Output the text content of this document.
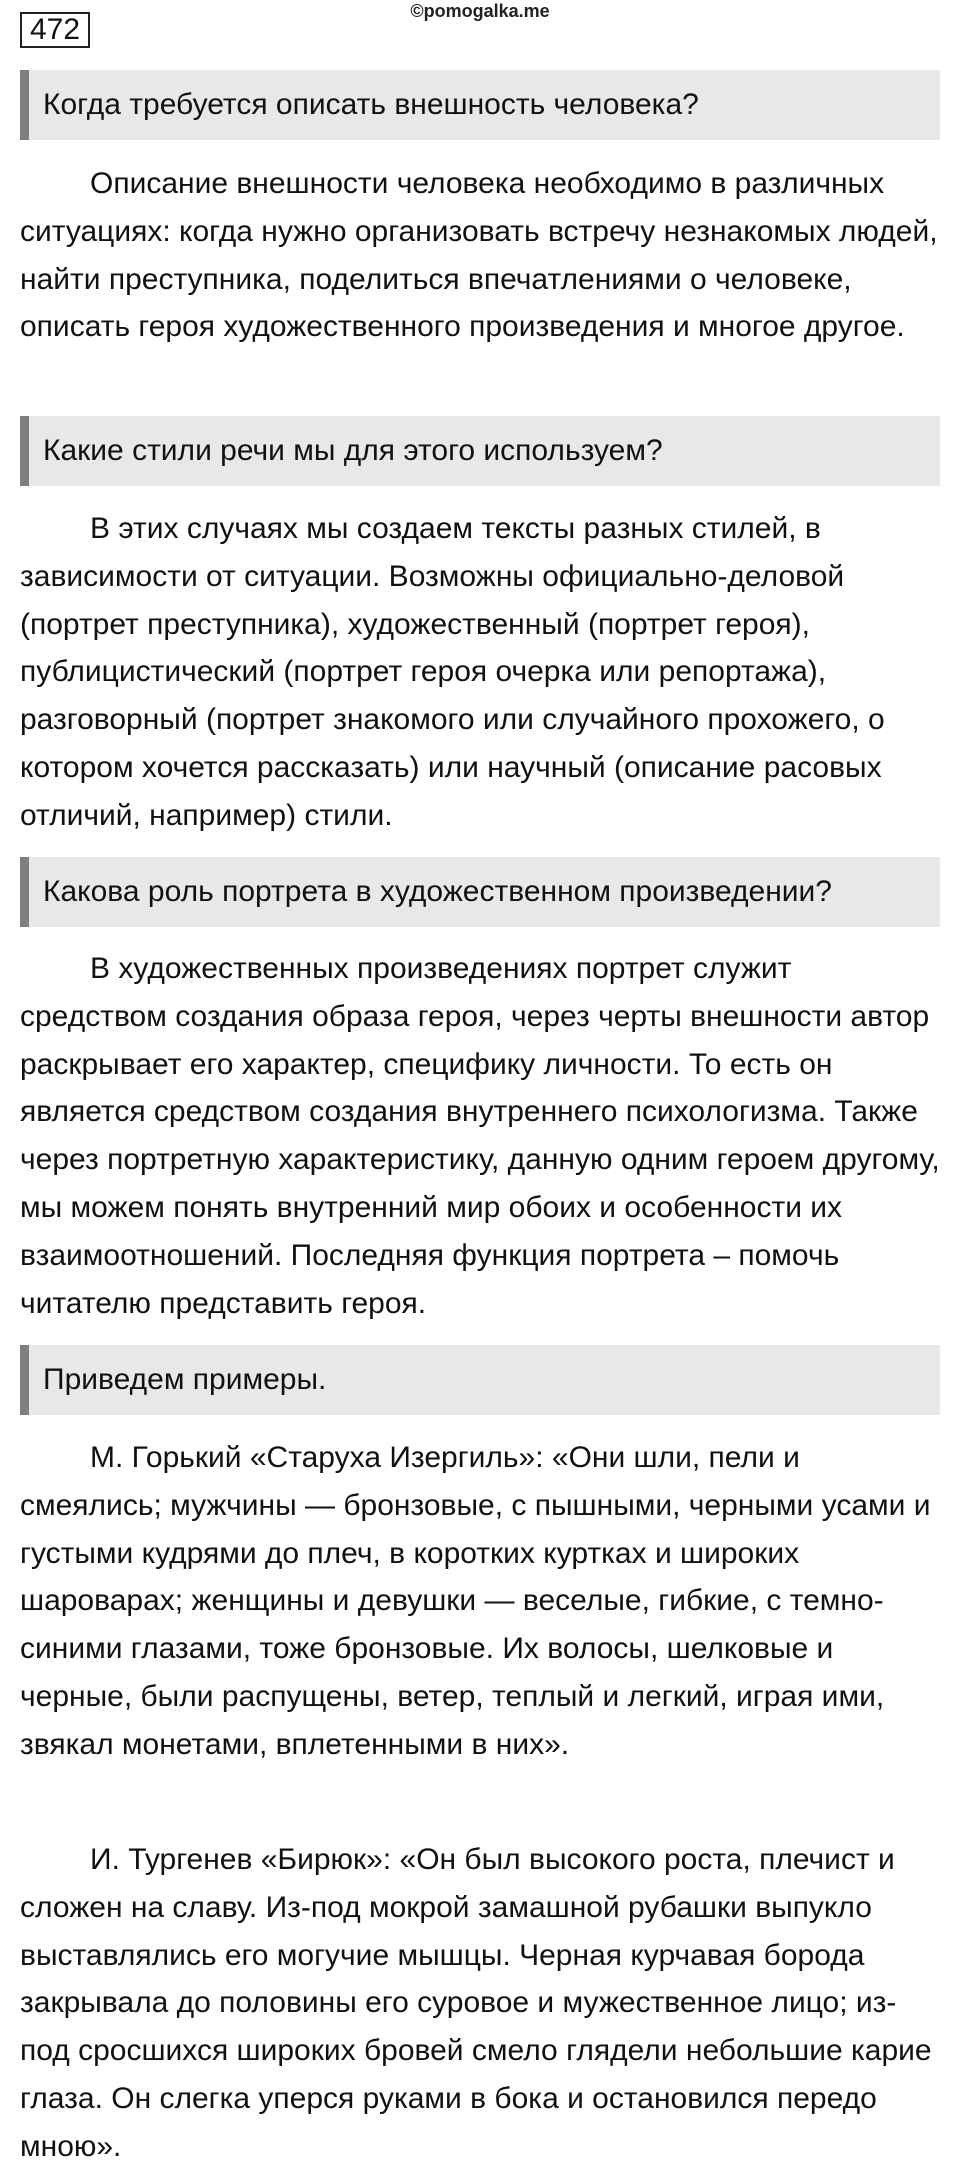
472
©pomogalka.me
Когда требуется описать внешность человека?

Описание внешности человека необходимо в различных ситуациях: когда нужно организовать встречу незнакомых людей, найти преступника, поделиться впечатлениями о человеке, описать героя художественного произведения и многое другое.

Какие стили речи мы для этого используем?

В этих случаях мы создаем тексты разных стилей, в зависимости от ситуации. Возможны официально-деловой (портрет преступника), художественный (портрет героя), публицистический (портрет героя очерка или репортажа), разговорный (портрет знакомого или случайного прохожего, о котором хочется рассказать) или научный (описание расовых отличий, например) стили.

Какова роль портрета в художественном произведении?

В художественных произведениях портрет служит средством создания образа героя, через черты внешности автор раскрывает его характер, специфику личности. То есть он является средством создания внутреннего психологизма. Также через портретную характеристику, данную одним героем другому, мы можем понять внутренний мир обоих и особенности их взаимоотношений. Последняя функция портрета – помочь читателю представить героя.

Приведем примеры.

М. Горький «Старуха Изергиль»: «Они шли, пели и смеялись; мужчины — бронзовые, с пышными, черными усами и густыми кудрями до плеч, в коротких куртках и широких шароварах; женщины и девушки — веселые, гибкие, с темно-синими глазами, тоже бронзовые. Их волосы, шелковые и черные, были распущены, ветер, теплый и легкий, играя ими, звякал монетами, вплетенными в них».

И. Тургенев «Бирюк»: «Он был высокого роста, плечист и сложен на славу. Из-под мокрой замашной рубашки выпукло выставлялись его могучие мышцы. Черная курчавая борода закрывала до половины его суровое и мужественное лицо; из-под сросшихся широких бровей смело глядели небольшие карие глаза. Он слегка уперся руками в бока и остановился передо мною».
